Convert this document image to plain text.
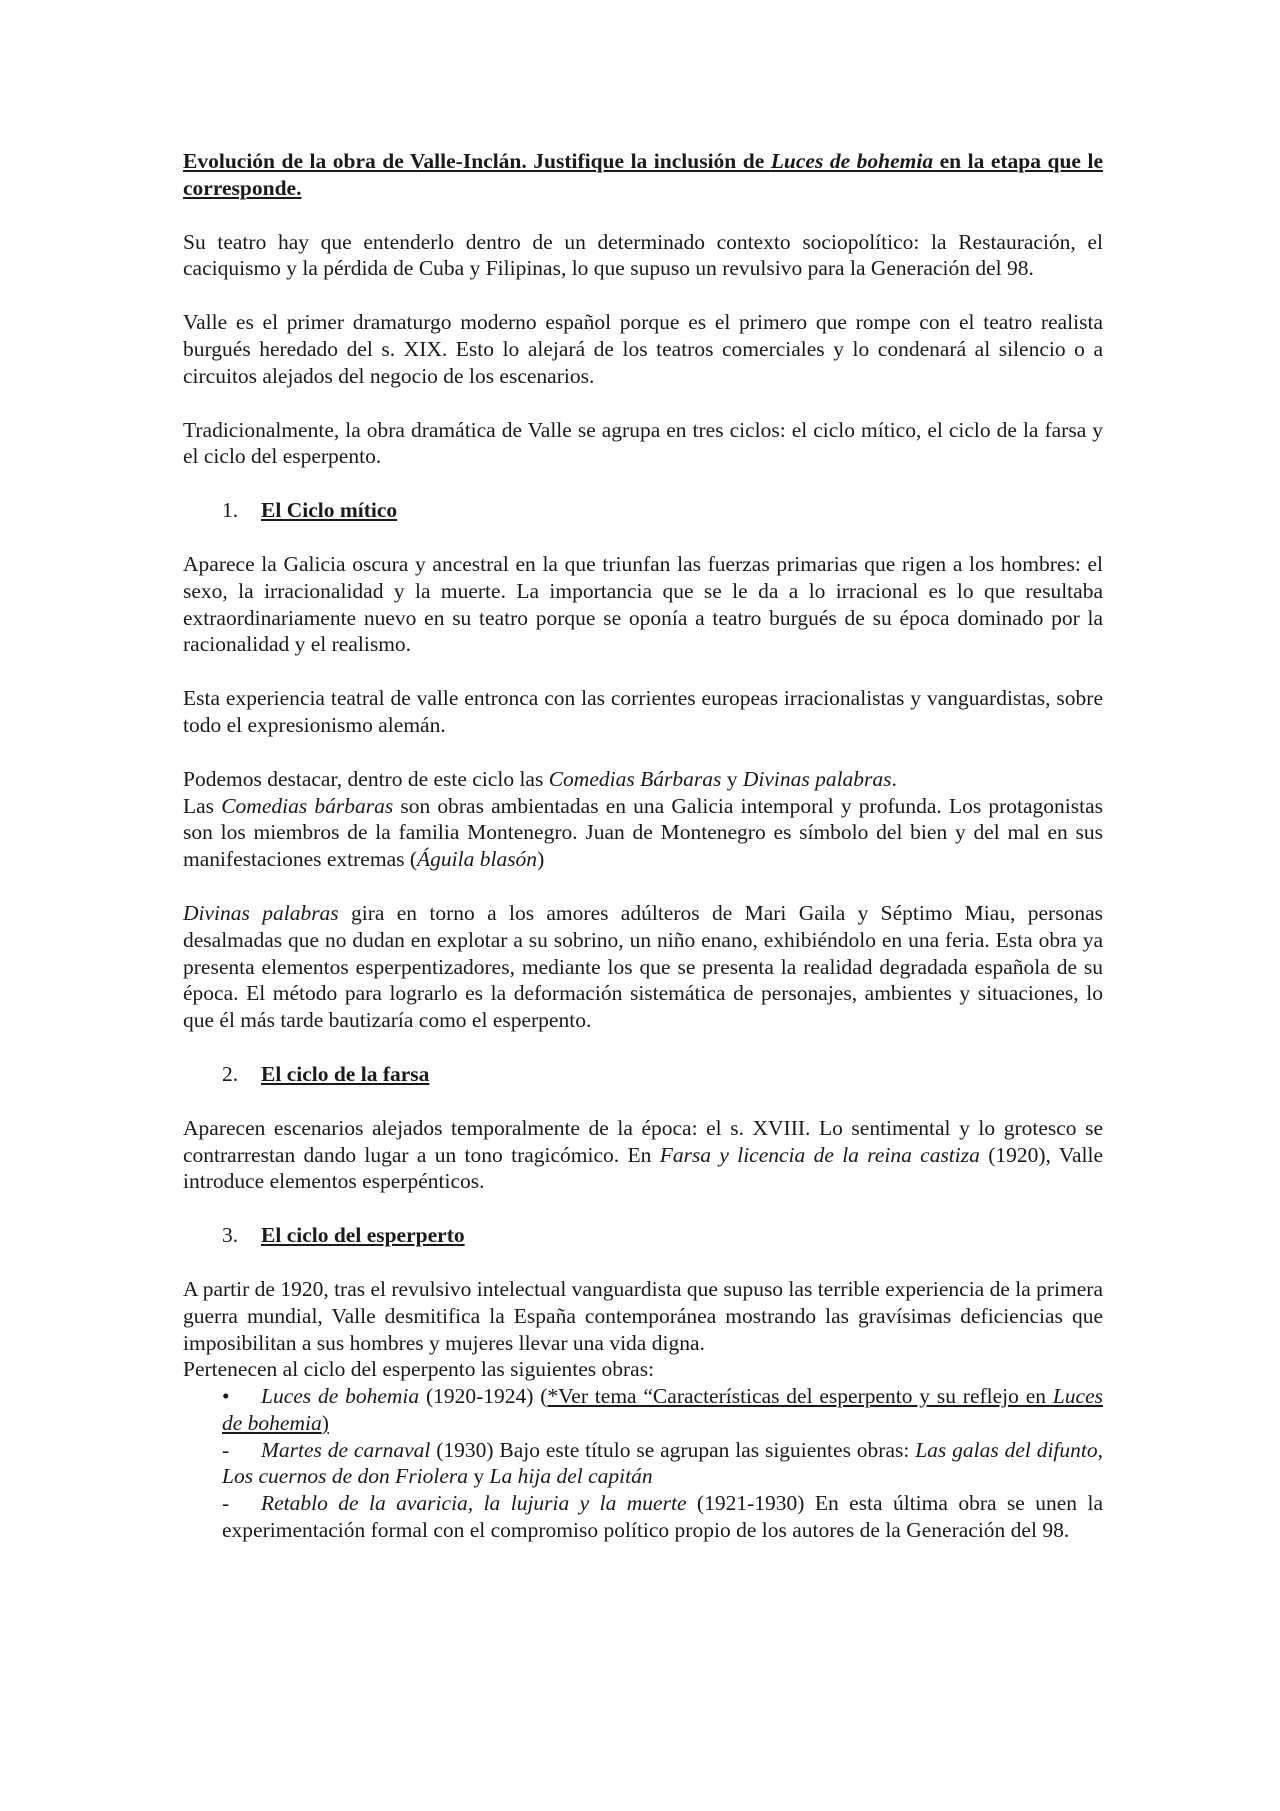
Evolución de la obra de Valle-Inclán. Justifique la inclusión de Luces de bohemia en la etapa que le corresponde.

Su teatro hay que entenderlo dentro de un determinado contexto sociopolítico: la Restauración, el caciquismo y la pérdida de Cuba y Filipinas, lo que supuso un revulsivo para la Generación del 98.

Valle es el primer dramaturgo moderno español porque es el primero que rompe con el teatro realista burgués heredado del s. XIX. Esto lo alejará de los teatros comerciales y lo condenará al silencio o a circuitos alejados del negocio de los escenarios.

Tradicionalmente, la obra dramática de Valle se agrupa en tres ciclos: el ciclo mítico, el ciclo de la farsa y el ciclo del esperpento.

1.	El Ciclo mítico

Aparece la Galicia oscura y ancestral en la que triunfan las fuerzas primarias que rigen a los hombres: el sexo, la irracionalidad y la muerte. La importancia que se le da a lo irracional es lo que resultaba extraordinariamente nuevo en su teatro porque se oponía a teatro burgués de su época dominado por la racionalidad y el realismo.

Esta experiencia teatral de valle entronca con las corrientes europeas irracionalistas y vanguardistas, sobre todo el expresionismo alemán.

Podemos destacar, dentro de este ciclo las Comedias Bárbaras y Divinas palabras.

Las Comedias bárbaras son obras ambientadas en una Galicia intemporal y profunda. Los protagonistas son los miembros de la familia Montenegro. Juan de Montenegro es símbolo del bien y del mal en sus manifestaciones extremas (Águila blasón)

Divinas palabras gira en torno a los amores adúlteros de Mari Gaila y Séptimo Miau, personas desalmadas que no dudan en explotar a su sobrino, un niño enano, exhibiéndolo en una feria. Esta obra ya presenta elementos esperpentizadores, mediante los que se presenta la realidad degradada española de su época. El método para lograrlo es la deformación sistemática de personajes, ambientes y situaciones, lo que él más tarde bautizaría como el esperpento.

2.	El ciclo de la farsa

Aparecen escenarios alejados temporalmente de la época: el s. XVIII. Lo sentimental y lo grotesco se contrarrestan dando lugar a un tono tragicómico. En Farsa y licencia de la reina castiza (1920), Valle introduce elementos esperpénticos.

3.	El ciclo del esperperto

A partir de 1920, tras el revulsivo intelectual vanguardista que supuso las terrible experiencia de la primera guerra mundial, Valle desmitifica la España contemporánea mostrando las gravísimas deficiencias que imposibilitan a sus hombres y mujeres llevar una vida digna.

Pertenecen al ciclo del esperpento las siguientes obras:

• Luces de bohemia (1920-1924) (*Ver tema “Características del esperpento y su reflejo en Luces de bohemia)
- Martes de carnaval (1930) Bajo este título se agrupan las siguientes obras: Las galas del difunto, Los cuernos de don Friolera y La hija del capitán
- Retablo de la avaricia, la lujuria y la muerte (1921-1930) En esta última obra se unen la experimentación formal con el compromiso político propio de los autores de la Generación del 98.
